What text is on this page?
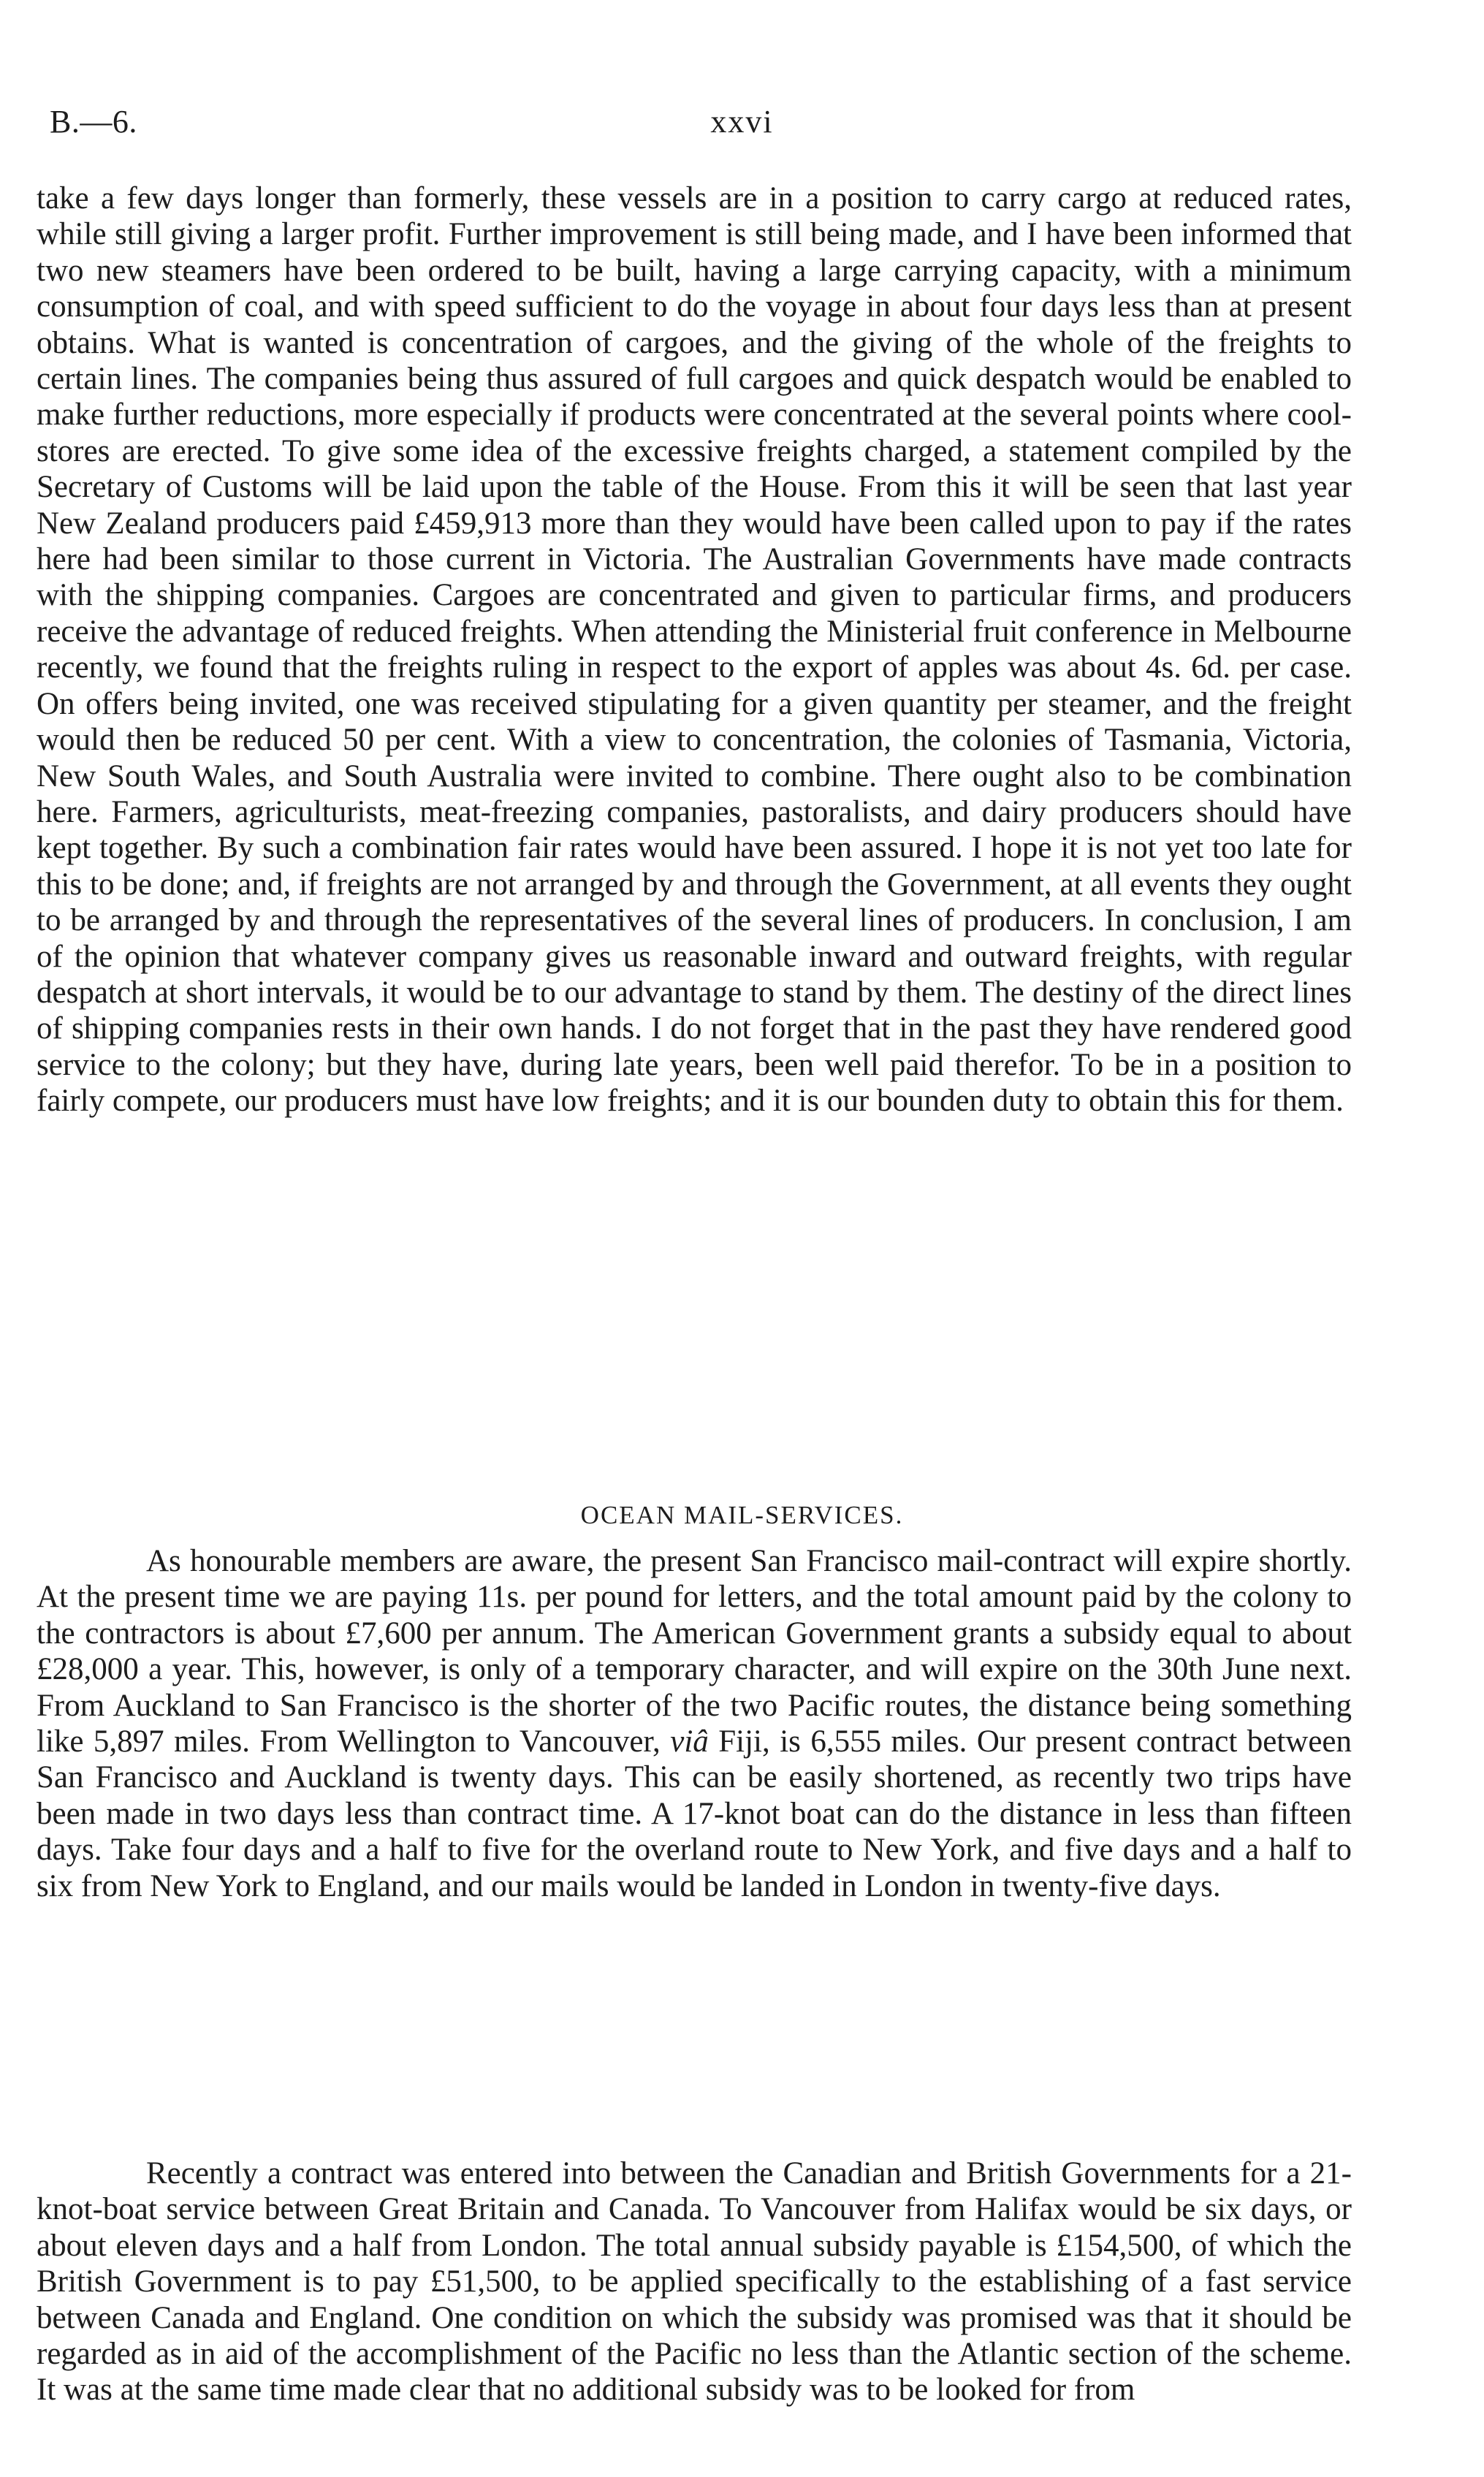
B.—6.	xxvi

take a few days longer than formerly, these vessels are in a position to carry cargo at reduced rates, while still giving a larger profit. Further improvement is still being made, and I have been informed that two new steamers have been ordered to be built, having a large carrying capacity, with a minimum consumption of coal, and with speed sufficient to do the voyage in about four days less than at present obtains. What is wanted is concentration of cargoes, and the giving of the whole of the freights to certain lines. The companies being thus assured of full cargoes and quick despatch would be enabled to make further reductions, more especially if products were concentrated at the several points where cool-stores are erected. To give some idea of the excessive freights charged, a statement compiled by the Secretary of Customs will be laid upon the table of the House. From this it will be seen that last year New Zealand producers paid £459,913 more than they would have been called upon to pay if the rates here had been similar to those current in Victoria. The Australian Governments have made contracts with the shipping companies. Cargoes are concentrated and given to particular firms, and producers receive the advantage of reduced freights. When attending the Ministerial fruit conference in Melbourne recently, we found that the freights ruling in respect to the export of apples was about 4s. 6d. per case. On offers being invited, one was received stipulating for a given quantity per steamer, and the freight would then be reduced 50 per cent. With a view to concentration, the colonies of Tasmania, Victoria, New South Wales, and South Australia were invited to combine. There ought also to be combination here. Farmers, agriculturists, meat-freezing companies, pastoralists, and dairy producers should have kept together. By such a combination fair rates would have been assured. I hope it is not yet too late for this to be done; and, if freights are not arranged by and through the Government, at all events they ought to be arranged by and through the representatives of the several lines of producers. In conclusion, I am of the opinion that whatever company gives us reasonable inward and outward freights, with regular despatch at short intervals, it would be to our advantage to stand by them. The destiny of the direct lines of shipping companies rests in their own hands. I do not forget that in the past they have rendered good service to the colony; but they have, during late years, been well paid therefor. To be in a position to fairly compete, our producers must have low freights; and it is our bounden duty to obtain this for them.

OCEAN MAIL-SERVICES.

As honourable members are aware, the present San Francisco mail-contract will expire shortly. At the present time we are paying 11s. per pound for letters, and the total amount paid by the colony to the contractors is about £7,600 per annum. The American Government grants a subsidy equal to about £28,000 a year. This, however, is only of a temporary character, and will expire on the 30th June next. From Auckland to San Francisco is the shorter of the two Pacific routes, the distance being something like 5,897 miles. From Wellington to Vancouver, viâ Fiji, is 6,555 miles. Our present contract between San Francisco and Auckland is twenty days. This can be easily shortened, as recently two trips have been made in two days less than contract time. A 17-knot boat can do the distance in less than fifteen days. Take four days and a half to five for the overland route to New York, and five days and a half to six from New York to England, and our mails would be landed in London in twenty-five days.

Recently a contract was entered into between the Canadian and British Governments for a 21-knot-boat service between Great Britain and Canada. To Vancouver from Halifax would be six days, or about eleven days and a half from London. The total annual subsidy payable is £154,500, of which the British Government is to pay £51,500, to be applied specifically to the establishing of a fast service between Canada and England. One condition on which the subsidy was promised was that it should be regarded as in aid of the accomplishment of the Pacific no less than the Atlantic section of the scheme. It was at the same time made clear that no additional subsidy was to be looked for from
